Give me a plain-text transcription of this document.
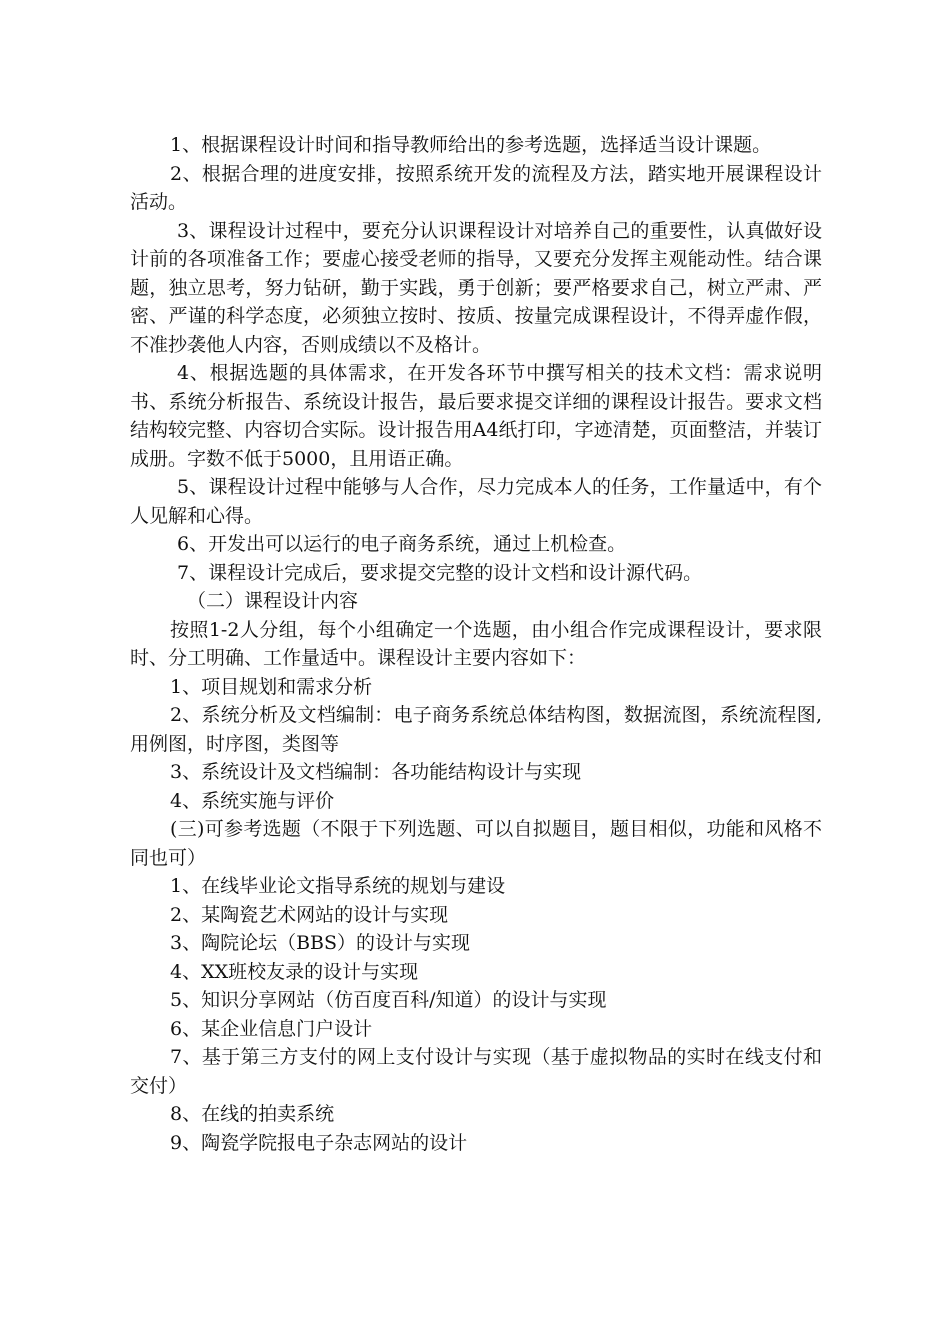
1、根据课程设计时间和指导教师给出的参考选题，选择适当设计课题。

2、根据合理的进度安排，按照系统开发的流程及方法，踏实地开展课程设计活动。

3、课程设计过程中，要充分认识课程设计对培养自己的重要性，认真做好设计前的各项准备工作；要虚心接受老师的指导，又要充分发挥主观能动性。结合课题，独立思考，努力钻研，勤于实践，勇于创新；要严格要求自己，树立严肃、严密、严谨的科学态度，必须独立按时、按质、按量完成课程设计，不得弄虚作假，不准抄袭他人内容，否则成绩以不及格计。

4、根据选题的具体需求，在开发各环节中撰写相关的技术文档：需求说明书、系统分析报告、系统设计报告，最后要求提交详细的课程设计报告。要求文档结构较完整、内容切合实际。设计报告用A4纸打印，字迹清楚，页面整洁，并装订成册。字数不低于5000，且用语正确。

5、课程设计过程中能够与人合作，尽力完成本人的任务，工作量适中，有个人见解和心得。

6、开发出可以运行的电子商务系统，通过上机检查。

7、课程设计完成后，要求提交完整的设计文档和设计源代码。

（二）课程设计内容

按照1-2人分组，每个小组确定一个选题，由小组合作完成课程设计，要求限时、分工明确、工作量适中。课程设计主要内容如下：

1、项目规划和需求分析

2、系统分析及文档编制：电子商务系统总体结构图，数据流图，系统流程图,用例图，时序图，类图等

3、系统设计及文档编制：各功能结构设计与实现

4、系统实施与评价

(三)可参考选题（不限于下列选题、可以自拟题目，题目相似，功能和风格不同也可）

1、在线毕业论文指导系统的规划与建设

2、某陶瓷艺术网站的设计与实现

3、陶院论坛（BBS）的设计与实现

4、XX班校友录的设计与实现

5、知识分享网站（仿百度百科/知道）的设计与实现

6、某企业信息门户设计

7、基于第三方支付的网上支付设计与实现（基于虚拟物品的实时在线支付和交付）

8、在线的拍卖系统

9、陶瓷学院报电子杂志网站的设计
